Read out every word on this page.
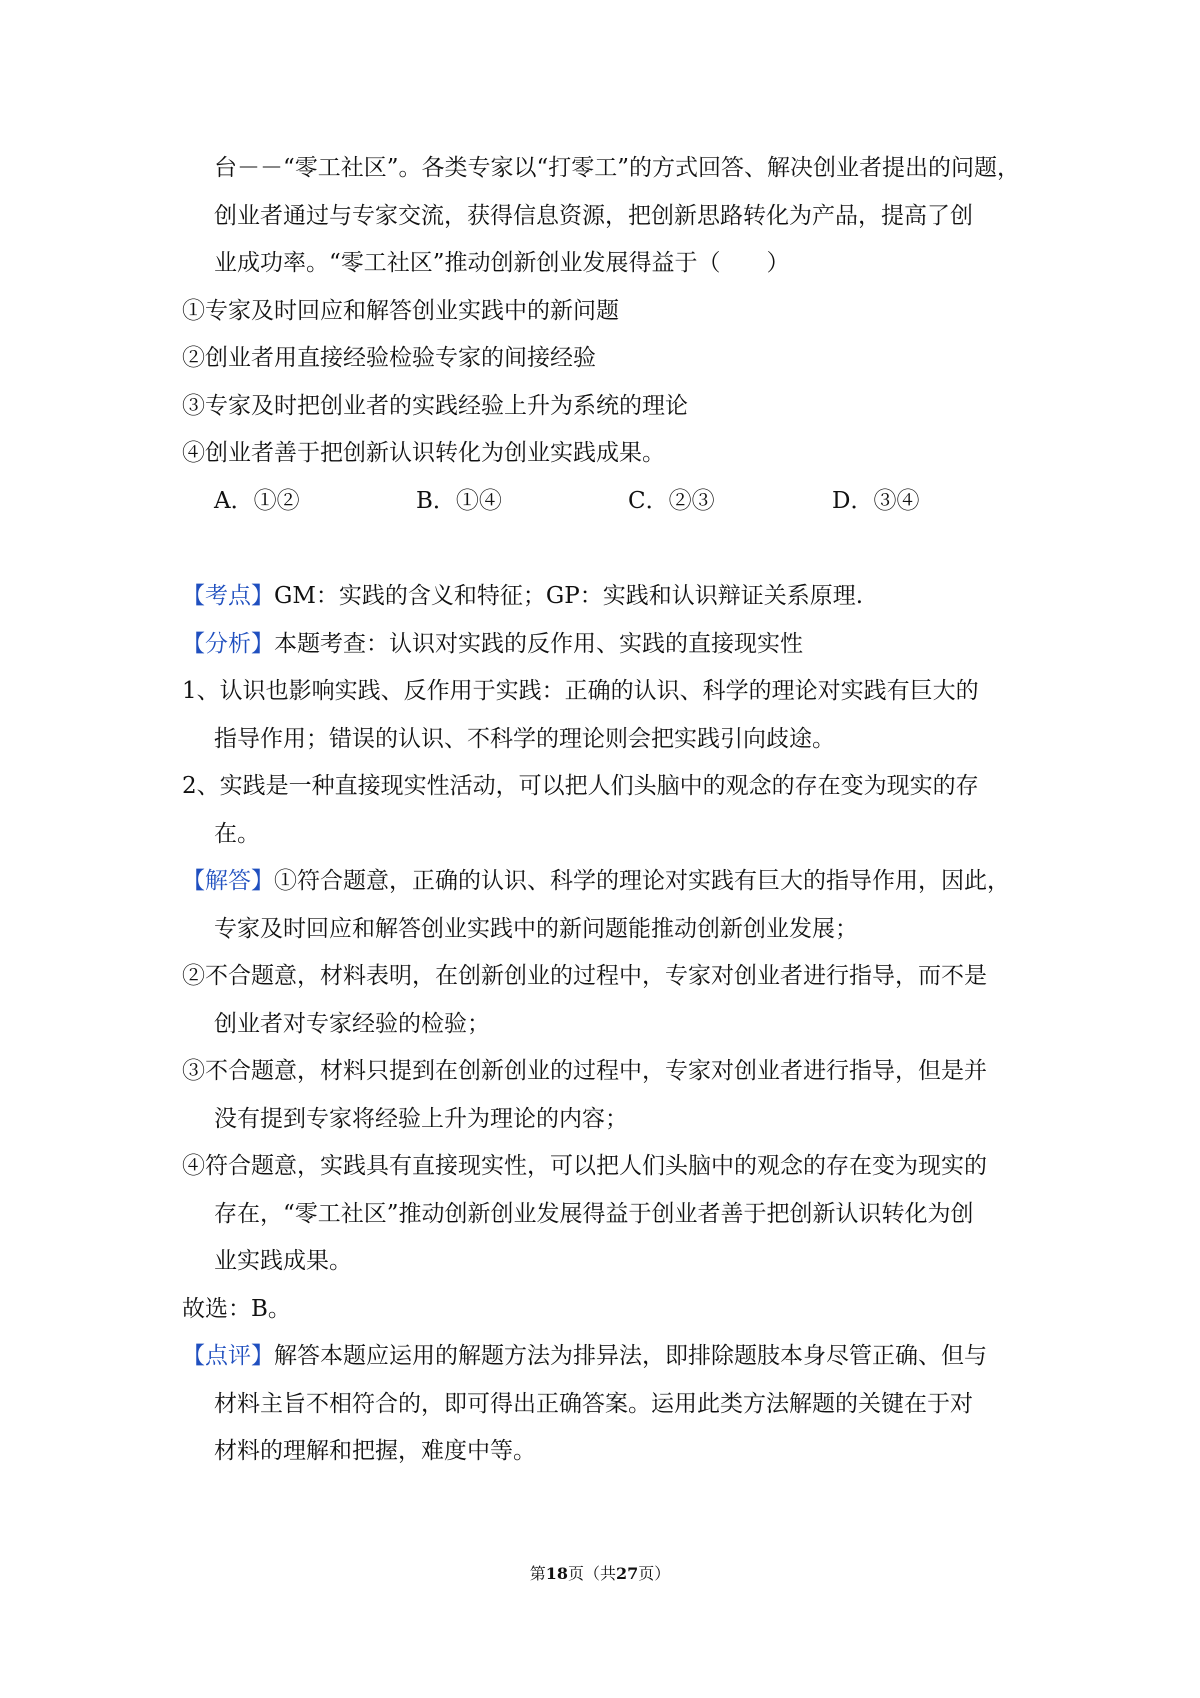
台－－“零工社区”。各类专家以“打零工”的方式回答、解决创业者提出的问题，
创业者通过与专家交流，获得信息资源，把创新思路转化为产品，提高了创
业成功率。“零工社区”推动创新创业发展得益于（　　）
①专家及时回应和解答创业实践中的新问题
②创业者用直接经验检验专家的间接经验
③专家及时把创业者的实践经验上升为系统的理论
④创业者善于把创新认识转化为创业实践成果。
A．①②	B．①④	C．②③	D．③④
【考点】GM：实践的含义和特征；GP：实践和认识辩证关系原理.
【分析】本题考查：认识对实践的反作用、实践的直接现实性
1、认识也影响实践、反作用于实践：正确的认识、科学的理论对实践有巨大的
指导作用；错误的认识、不科学的理论则会把实践引向歧途。
2、实践是一种直接现实性活动，可以把人们头脑中的观念的存在变为现实的存
在。
【解答】①符合题意，正确的认识、科学的理论对实践有巨大的指导作用，因此，
专家及时回应和解答创业实践中的新问题能推动创新创业发展；
②不合题意，材料表明，在创新创业的过程中，专家对创业者进行指导，而不是
创业者对专家经验的检验；
③不合题意，材料只提到在创新创业的过程中，专家对创业者进行指导，但是并
没有提到专家将经验上升为理论的内容；
④符合题意，实践具有直接现实性，可以把人们头脑中的观念的存在变为现实的
存在，“零工社区”推动创新创业发展得益于创业者善于把创新认识转化为创
业实践成果。
故选：B。
【点评】解答本题应运用的解题方法为排异法，即排除题肢本身尽管正确、但与
材料主旨不相符合的，即可得出正确答案。运用此类方法解题的关键在于对
材料的理解和把握，难度中等。
第18页（共27页）
